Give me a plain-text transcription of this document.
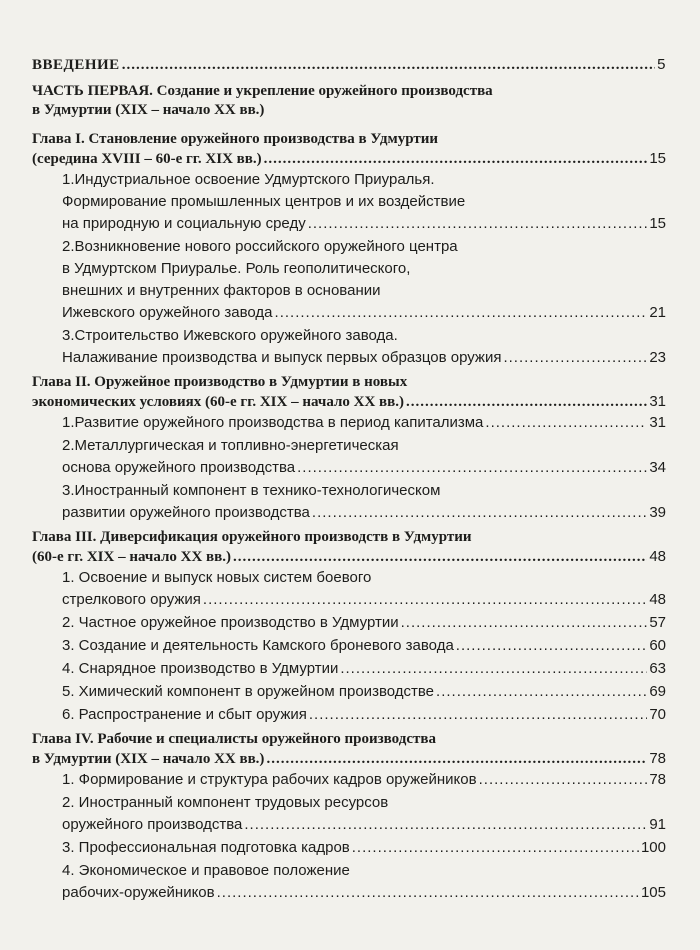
ВВЕДЕНИЕ .....	5
ЧАСТЬ ПЕРВАЯ. Создание и укрепление оружейного производства
в Удмуртии (XIX – начало XX вв.)
Глава I. Становление оружейного производства в Удмуртии
(середина XVIII – 60-е гг. XIX вв.) .....	15
1.Индустриальное освоение Удмуртского Приуралья.
Формирование промышленных центров и их воздействие
на природную и социальную среду .....	15
2.Возникновение нового российского оружейного центра
в Удмуртском Приуралье. Роль геополитического,
внешних и внутренних факторов в основании
Ижевского оружейного завода .....	21
3.Строительство Ижевского оружейного завода.
Налаживание производства и выпуск первых образцов оружия .....	23
Глава II. Оружейное производство в Удмуртии в новых
экономических условиях (60-е гг. XIX – начало XX вв.) .....	31
1.Развитие оружейного производства в период капитализма .....	31
2.Металлургическая и топливно-энергетическая
основа оружейного производства .....	34
3.Иностранный компонент в технико-технологическом
развитии оружейного производства .....	39
Глава III. Диверсификация оружейного производств в Удмуртии
(60-е гг. XIX – начало XX вв.) .....	48
1. Освоение и выпуск новых систем боевого
стрелкового оружия .....	48
2. Частное оружейное производство в Удмуртии .....	57
3. Создание и деятельность Камского броневого завода .....	60
4. Снарядное производство в Удмуртии .....	63
5. Химический компонент в оружейном производстве .....	69
6. Распространение и сбыт оружия .....	70
Глава IV. Рабочие и специалисты оружейного производства
в Удмуртии (XIX – начало XX вв.) .....	78
1. Формирование и структура рабочих кадров оружейников .....	78
2. Иностранный компонент трудовых ресурсов
оружейного производства .....	91
3. Профессиональная подготовка кадров .....	100
4. Экономическое и правовое положение
рабочих-оружейников .....	105
